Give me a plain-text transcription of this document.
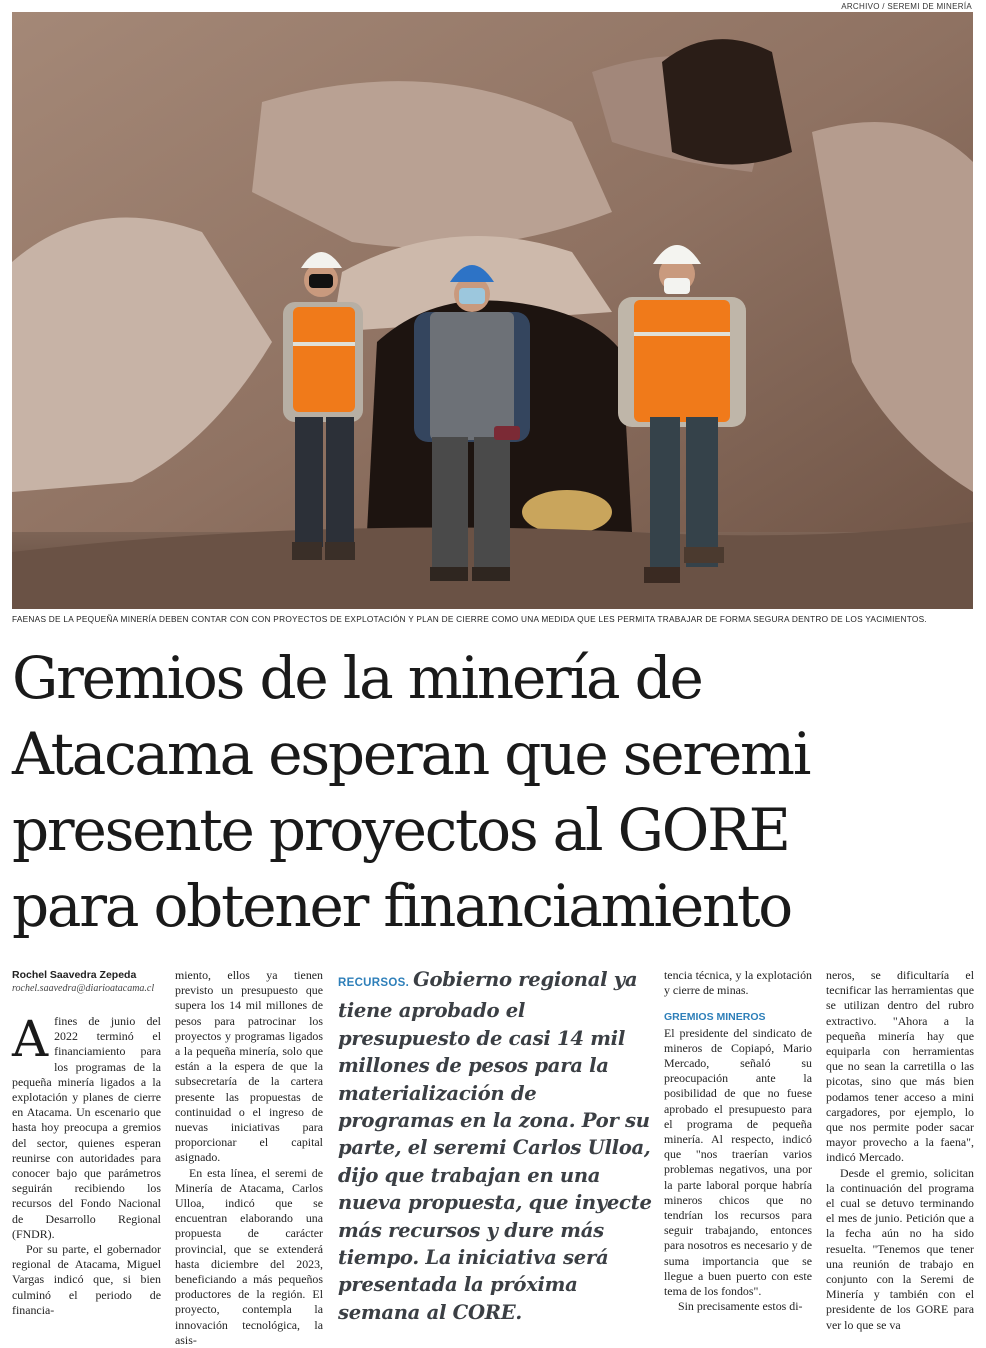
ARCHIVO / SEREMI DE MINERÍA
FAENAS DE LA PEQUEÑA MINERÍA DEBEN CONTAR CON CON PROYECTOS DE EXPLOTACIÓN Y PLAN DE CIERRE COMO UNA MEDIDA QUE LES PERMITA TRABAJAR DE FORMA SEGURA DENTRO DE LOS YACIMIENTOS.
Gremios de la minería de
Atacama esperan que seremi
presente proyectos al GORE
para obtener financiamiento
Rochel Saavedra Zepeda
rochel.saavedra@diarioatacama.cl
A fines de junio del 2022 terminó el financiamiento para los programas de la pequeña minería ligados a la explotación y planes de cierre en Atacama. Un escenario que hasta hoy preocupa a gremios del sector, quienes esperan reunirse con autoridades para conocer bajo que parámetros seguirán recibiendo los recursos del Fondo Nacional de Desarrollo Regional (FNDR).

Por su parte, el gobernador regional de Atacama, Miguel Vargas indicó que, si bien culminó el periodo de financia-

miento, ellos ya tienen previsto un presupuesto que supera los 14 mil millones de pesos para patrocinar los proyectos y programas ligados a la pequeña minería, solo que están a la espera de que la subsecretaría de la cartera presente las propuestas de continuidad o el ingreso de nuevas iniciativas para proporcionar el capital asignado.

En esta línea, el seremi de Minería de Atacama, Carlos Ulloa, indicó que se encuentran elaborando una propuesta de carácter provincial, que se extenderá hasta diciembre del 2023, beneficiando a más pequeños productores de la región. El proyecto, contempla la innovación tecnológica, la asis-

RECURSOS. Gobierno regional ya tiene aprobado el presupuesto de casi 14 mil millones de pesos para la materialización de programas en la zona. Por su parte, el seremi Carlos Ulloa, dijo que trabajan en una nueva propuesta, que inyecte más recursos y dure más tiempo. La iniciativa será presentada la próxima semana al CORE.

tencia técnica, y la explotación y cierre de minas.

GREMIOS MINEROS

El presidente del sindicato de mineros de Copiapó, Mario Mercado, señaló su preocupación ante la posibilidad de que no fuese aprobado el presupuesto para el programa de pequeña minería. Al respecto, indicó que "nos traerían varios problemas negativos, una por la parte laboral porque habría mineros chicos que no tendrían los recursos para seguir trabajando, entonces para nosotros es necesario y de suma importancia que se llegue a buen puerto con este tema de los fondos".

Sin precisamente estos di-

neros, se dificultaría el tecnificar las herramientas que se utilizan dentro del rubro extractivo. "Ahora a la pequeña minería hay que equiparla con herramientas que no sean la carretilla o las picotas, sino que más bien podamos tener acceso a mini cargadores, por ejemplo, lo que nos permite poder sacar mayor provecho a la faena", indicó Mercado.

Desde el gremio, solicitan la continuación del programa el cual se detuvo terminando el mes de junio. Petición que a la fecha aún no ha sido resuelta. "Tenemos que tener una reunión de trabajo en conjunto con la Seremi de Minería y también con el presidente de los GORE para ver lo que se va
